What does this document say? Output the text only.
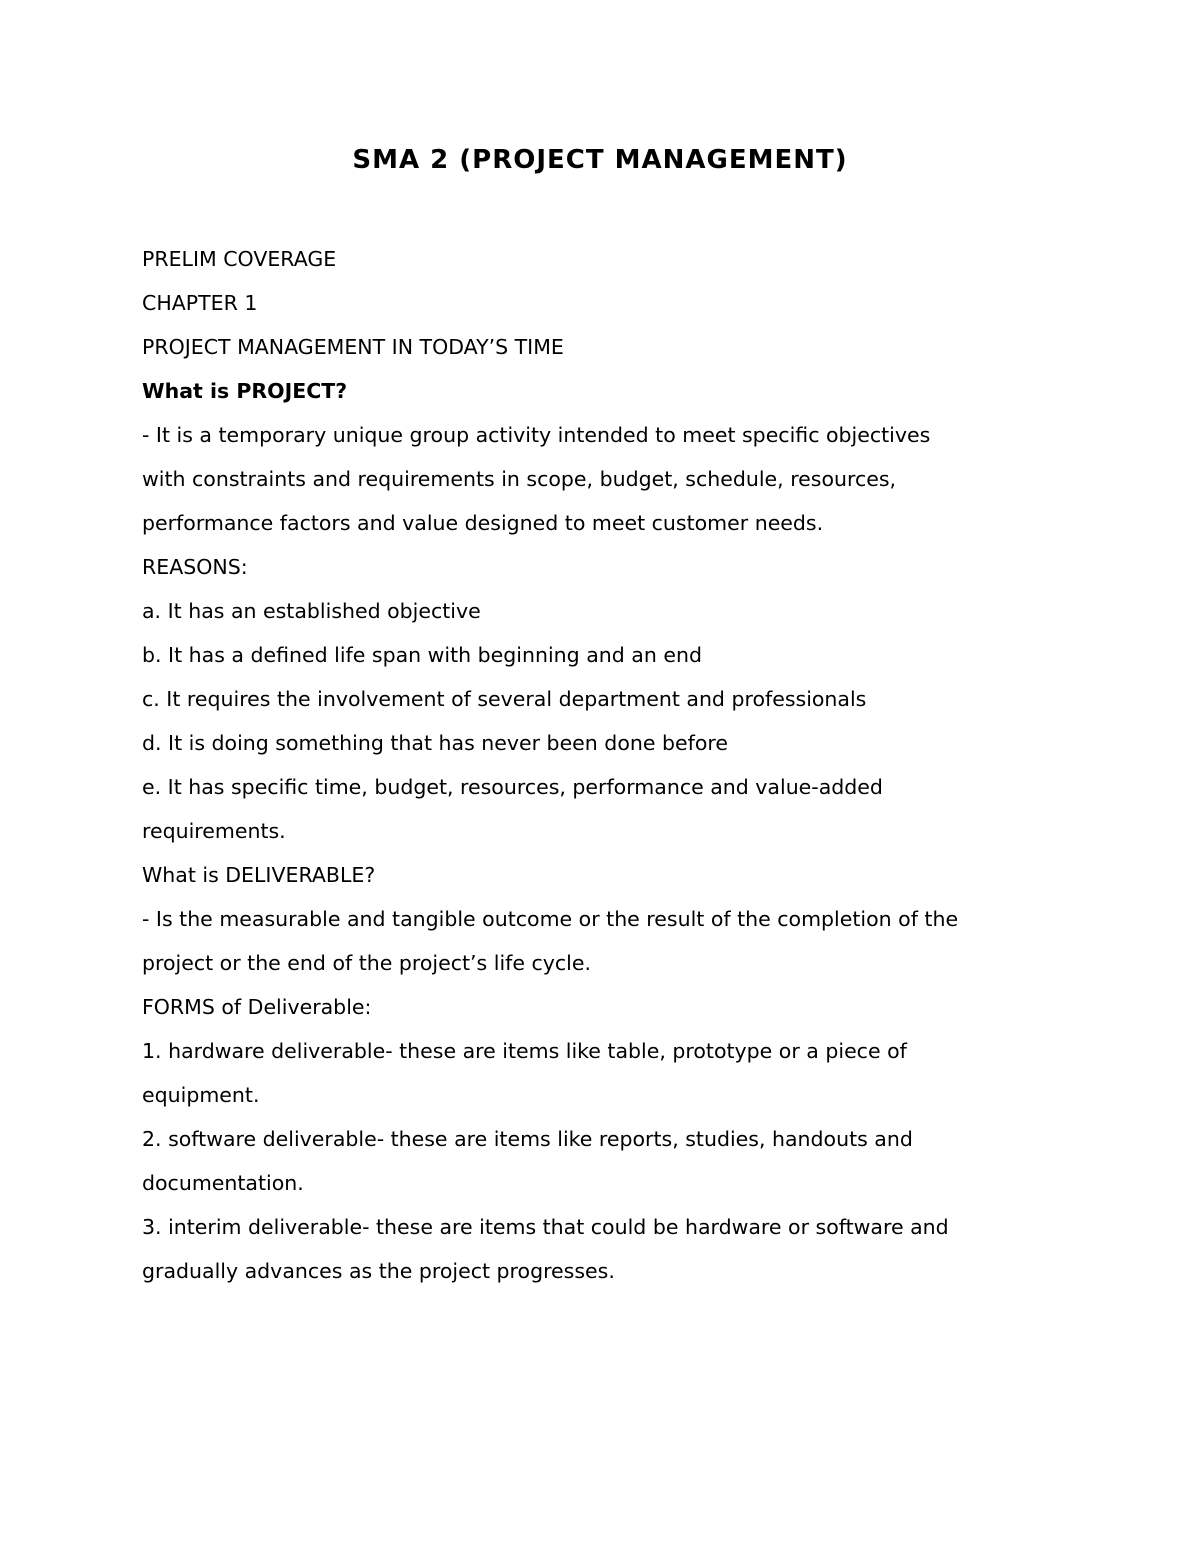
SMA 2 (PROJECT MANAGEMENT)
PRELIM COVERAGE
CHAPTER 1
PROJECT MANAGEMENT IN TODAY’S TIME
What is PROJECT?
- It is a temporary unique group activity intended to meet specific objectives
with constraints and requirements in scope, budget, schedule, resources,
performance factors and value designed to meet customer needs.
REASONS:
a. It has an established objective
b. It has a defined life span with beginning and an end
c. It requires the involvement of several department and professionals
d. It is doing something that has never been done before
e. It has specific time, budget, resources, performance and value-added
requirements.
What is DELIVERABLE?
- Is the measurable and tangible outcome or the result of the completion of the
project or the end of the project’s life cycle.
FORMS of Deliverable:
1. hardware deliverable- these are items like table, prototype or a piece of
equipment.
2. software deliverable- these are items like reports, studies, handouts and
documentation.
3. interim deliverable- these are items that could be hardware or software and
gradually advances as the project progresses.
